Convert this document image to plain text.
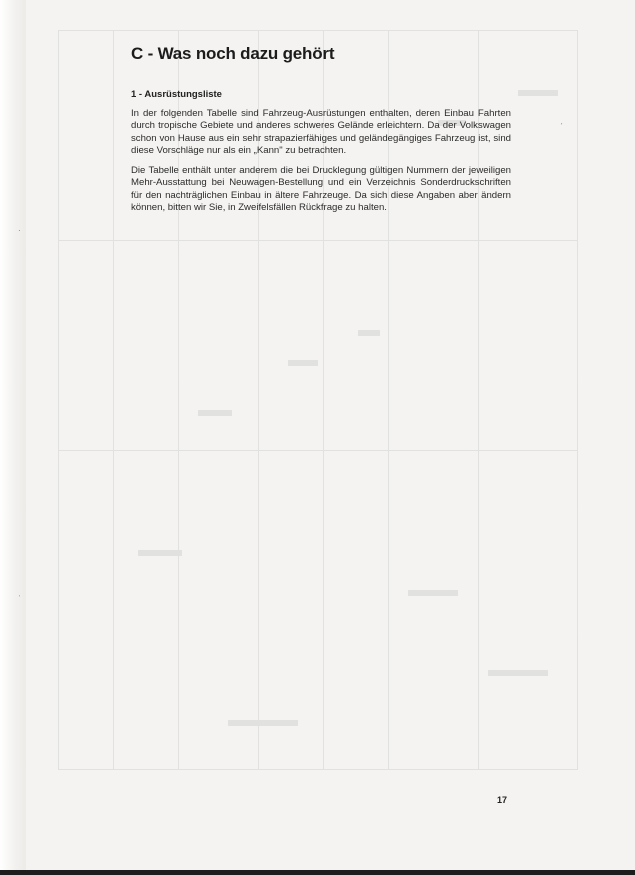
C - Was noch dazu gehört
1 - Ausrüstungsliste

In der folgenden Tabelle sind Fahrzeug-Ausrüstungen enthalten, deren Einbau Fahrten durch tropische Gebiete und anderes schweres Gelände erleichtern. Da der Volkswagen schon von Hause aus ein sehr strapazierfähiges und geländegängiges Fahrzeug ist, sind diese Vorschläge nur als ein „Kann" zu betrachten.

Die Tabelle enthält unter anderem die bei Drucklegung gültigen Nummern der jeweiligen Mehr-Ausstattung bei Neuwagen-Bestellung und ein Verzeichnis Sonderdruckschriften für den nachträglichen Einbau in ältere Fahrzeuge. Da sich diese Angaben aber ändern können, bitten wir Sie, in Zweifelsfällen Rückfrage zu halten.

ˏ
·
ˈ
17
